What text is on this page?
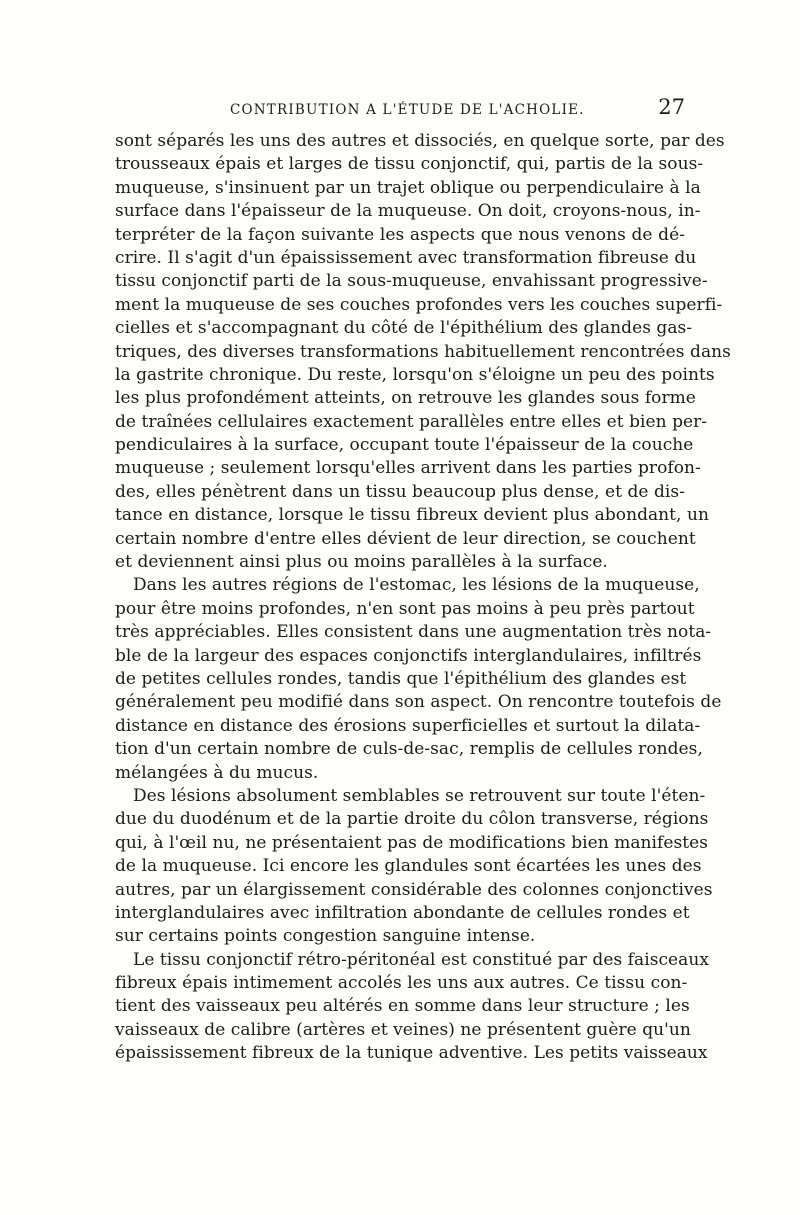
CONTRIBUTION A L'ÉTUDE DE L'ACHOLIE.	27
sont séparés les uns des autres et dissociés, en quelque sorte, par des
trousseaux épais et larges de tissu conjonctif, qui, partis de la sous-
muqueuse, s'insinuent par un trajet oblique ou perpendiculaire à la
surface dans l'épaisseur de la muqueuse. On doit, croyons-nous, in-
terpréter de la façon suivante les aspects que nous venons de dé-
crire. Il s'agit d'un épaississement avec transformation fibreuse du
tissu conjonctif parti de la sous-muqueuse, envahissant progressive-
ment la muqueuse de ses couches profondes vers les couches superfi-
cielles et s'accompagnant du côté de l'épithélium des glandes gas-
triques, des diverses transformations habituellement rencontrées dans
la gastrite chronique. Du reste, lorsqu'on s'éloigne un peu des points
les plus profondément atteints, on retrouve les glandes sous forme
de traînées cellulaires exactement parallèles entre elles et bien per-
pendiculaires à la surface, occupant toute l'épaisseur de la couche
muqueuse ; seulement lorsqu'elles arrivent dans les parties profon-
des, elles pénètrent dans un tissu beaucoup plus dense, et de dis-
tance en distance, lorsque le tissu fibreux devient plus abondant, un
certain nombre d'entre elles dévient de leur direction, se couchent
et deviennent ainsi plus ou moins parallèles à la surface.
Dans les autres régions de l'estomac, les lésions de la muqueuse,
pour être moins profondes, n'en sont pas moins à peu près partout
très appréciables. Elles consistent dans une augmentation très nota-
ble de la largeur des espaces conjonctifs interglandulaires, infiltrés
de petites cellules rondes, tandis que l'épithélium des glandes est
généralement peu modifié dans son aspect. On rencontre toutefois de
distance en distance des érosions superficielles et surtout la dilata-
tion d'un certain nombre de culs-de-sac, remplis de cellules rondes,
mélangées à du mucus.
Des lésions absolument semblables se retrouvent sur toute l'éten-
due du duodénum et de la partie droite du côlon transverse, régions
qui, à l'œil nu, ne présentaient pas de modifications bien manifestes
de la muqueuse. Ici encore les glandules sont écartées les unes des
autres, par un élargissement considérable des colonnes conjonctives
interglandulaires avec infiltration abondante de cellules rondes et
sur certains points congestion sanguine intense.
Le tissu conjonctif rétro-péritonéal est constitué par des faisceaux
fibreux épais intimement accolés les uns aux autres. Ce tissu con-
tient des vaisseaux peu altérés en somme dans leur structure ; les
vaisseaux de calibre (artères et veines) ne présentent guère qu'un
épaississement fibreux de la tunique adventive. Les petits vaisseaux
